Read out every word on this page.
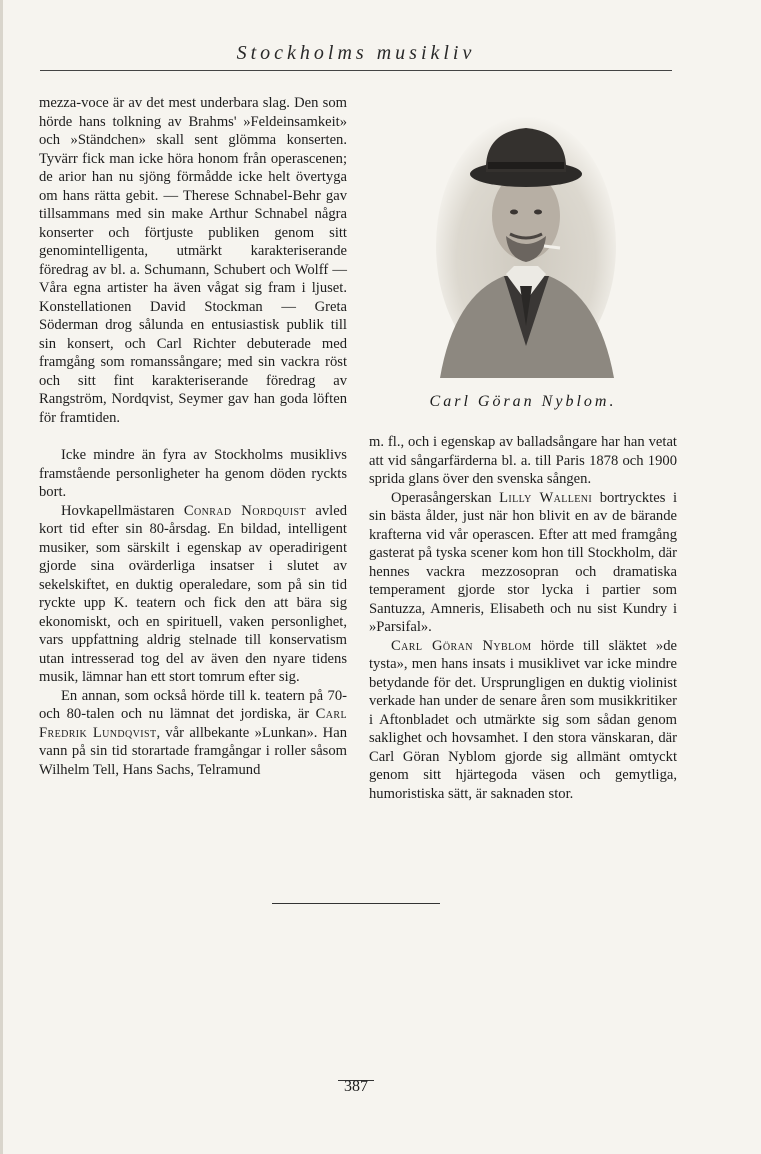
Stockholms musikliv

mezza-voce är av det mest underbara slag. Den som hörde hans tolkning av Brahms' »Feldeinsamkeit» och »Ständchen» skall sent glömma konserten. Tyvärr fick man icke höra honom från operascenen; de arior han nu sjöng förmådde icke helt övertyga om hans rätta gebit. — Therese Schnabel-Behr gav tillsammans med sin make Arthur Schnabel några konserter och förtjuste publiken genom sitt genomintelligenta, utmärkt karakteriserande föredrag av bl. a. Schumann, Schubert och Wolff — Våra egna artister ha även vågat sig fram i ljuset. Konstellationen David Stockman — Greta Söderman drog sålunda en entusiastisk publik till sin konsert, och Carl Richter debuterade med framgång som romanssångare; med sin vackra röst och sitt fint karakteriserande föredrag av Rangström, Nordqvist, Seymer gav han goda löften för framtiden.

Icke mindre än fyra av Stockholms musiklivs framstående personligheter ha genom döden ryckts bort.

Hovkapellmästaren Conrad Nordquist avled kort tid efter sin 80-årsdag. En bildad, intelligent musiker, som särskilt i egenskap av operadirigent gjorde sina ovärderliga insatser i slutet av sekelskiftet, en duktig operaledare, som på sin tid ryckte upp K. teatern och fick den att bära sig ekonomiskt, och en spirituell, vaken personlighet, vars uppfattning aldrig stelnade till konservatism utan intresserad tog del av även den nyare tidens musik, lämnar han ett stort tomrum efter sig.

En annan, som också hörde till k. teatern på 70- och 80-talen och nu lämnat det jordiska, är Carl Fredrik Lundqvist, vår allbekante »Lunkan». Han vann på sin tid storartade framgångar i roller såsom Wilhelm Tell, Hans Sachs, Telramund

Carl Göran Nyblom.

m. fl., och i egenskap av balladsångare har han vetat att vid sångarfärderna bl. a. till Paris 1878 och 1900 sprida glans över den svenska sången.

Operasångerskan Lilly Walleni bortrycktes i sin bästa ålder, just när hon blivit en av de bärande krafterna vid vår operascen. Efter att med framgång gasterat på tyska scener kom hon till Stockholm, där hennes vackra mezzosopran och dramatiska temperament gjorde stor lycka i partier som Santuzza, Amneris, Elisabeth och nu sist Kundry i »Parsifal».

Carl Göran Nyblom hörde till släktet »de tysta», men hans insats i musiklivet var icke mindre betydande för det. Ursprungligen en duktig violinist verkade han under de senare åren som musikkritiker i Aftonbladet och utmärkte sig som sådan genom saklighet och hovsamhet. I den stora vänskaran, där Carl Göran Nyblom gjorde sig allmänt omtyckt genom sitt hjärtegoda väsen och gemytliga, humoristiska sätt, är saknaden stor.

387
